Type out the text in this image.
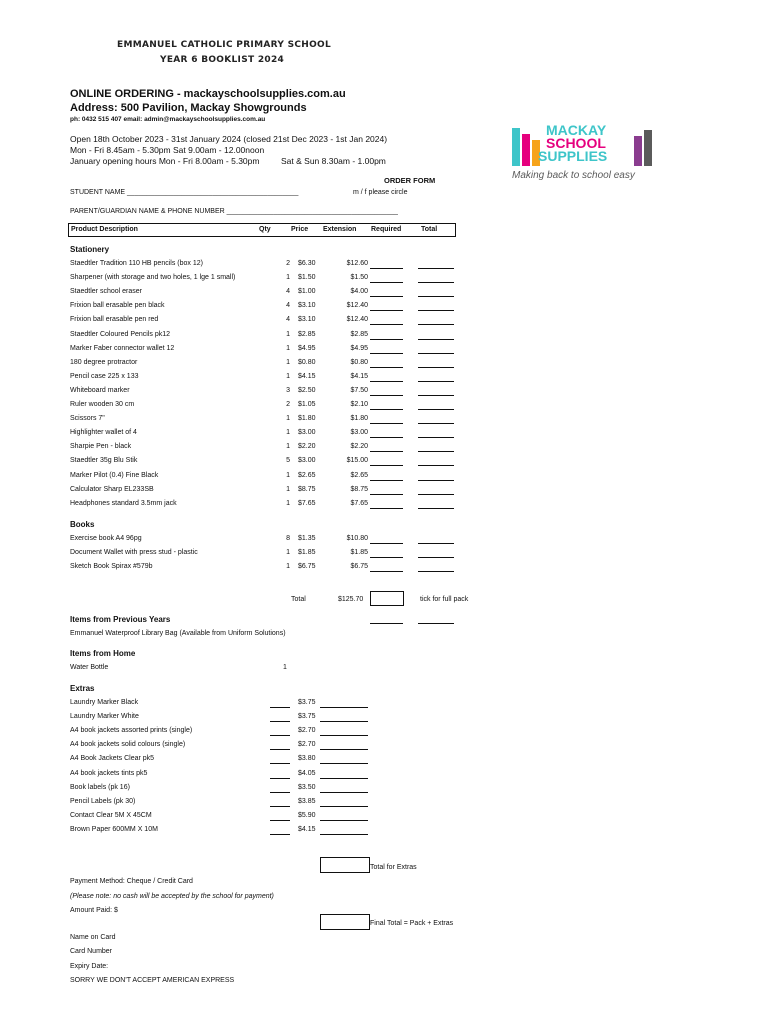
EMMANUEL CATHOLIC PRIMARY SCHOOL
YEAR 6 BOOKLIST 2024
ONLINE ORDERING - mackayschoolsupplies.com.au
Address: 500 Pavilion, Mackay Showgrounds
ph: 0432 515 407 email: admin@mackayschoolsupplies.com.au
Open 18th October 2023 - 31st January 2024 (closed 21st Dec 2023 - 1st Jan 2024)
Mon - Fri 8.45am - 5.30pm Sat 9.00am - 12.00noon
January opening hours Mon - Fri 8.00am - 5.30pm	Sat & Sun 8.30am - 1.00pm
MACKAY
SCHOOL
SUPPLIES
Making back to school easy
ORDER FORM
STUDENT NAME ____________________________________________	m / f please circle
PARENT/GUARDIAN NAME & PHONE NUMBER ____________________________________________
Product Description	Qty	Price Extension Required	Total
Stationery
Staedtler Tradition 110 HB pencils (box 12)	2 $6.30	$12.60
Sharpener (with storage and two holes, 1 lge 1 small)	1 $1.50	$1.50
Staedtler school eraser	4 $1.00	$4.00
Frixion ball erasable pen black	4 $3.10	$12.40
Frixion ball erasable pen red	4 $3.10	$12.40
Staedtler Coloured Pencils pk12	1 $2.85	$2.85
Marker Faber connector wallet 12	1 $4.95	$4.95
180 degree protractor	1 $0.80	$0.80
Pencil case 225 x 133	1 $4.15	$4.15
Whiteboard marker	3 $2.50	$7.50
Ruler wooden 30 cm	2 $1.05	$2.10
Scissors 7"	1 $1.80	$1.80
Highlighter wallet of 4	1 $3.00	$3.00
Sharpie Pen - black	1 $2.20	$2.20
Staedtler 35g Blu Stik	5 $3.00	$15.00
Marker Pilot (0.4) Fine Black	1 $2.65	$2.65
Calculator Sharp EL233SB	1 $8.75	$8.75
Headphones standard 3.5mm jack	1 $7.65	$7.65
Books
Exercise book A4 96pg	8 $1.35	$10.80
Document Wallet with press stud - plastic	1 $1.85	$1.85
Sketch Book Spirax #579b	1 $6.75	$6.75
Total	$125.70	tick for full pack
Items from Previous Years
Emmanuel Waterproof Library Bag (Available from Uniform Solutions)
Items from Home
Water Bottle	1
Extras
Laundry Marker Black	$3.75
Laundry Marker White	$3.75
A4 book jackets assorted prints (single)	$2.70
A4 book jackets solid colours (single)	$2.70
A4 Book Jackets Clear pk5	$3.80
A4 book jackets tints pk5	$4.05
Book labels (pk 16)	$3.50
Pencil Labels (pk 30)	$3.85
Contact Clear 5M X 45CM	$5.90
Brown Paper 600MM X 10M	$4.15
Total for Extras
Payment Method: Cheque / Credit Card
(Please note: no cash will be accepted by the school for payment)
Amount Paid: $
Final Total = Pack + Extras
Name on Card
Card Number
Expiry Date:
SORRY WE DON'T ACCEPT AMERICAN EXPRESS
